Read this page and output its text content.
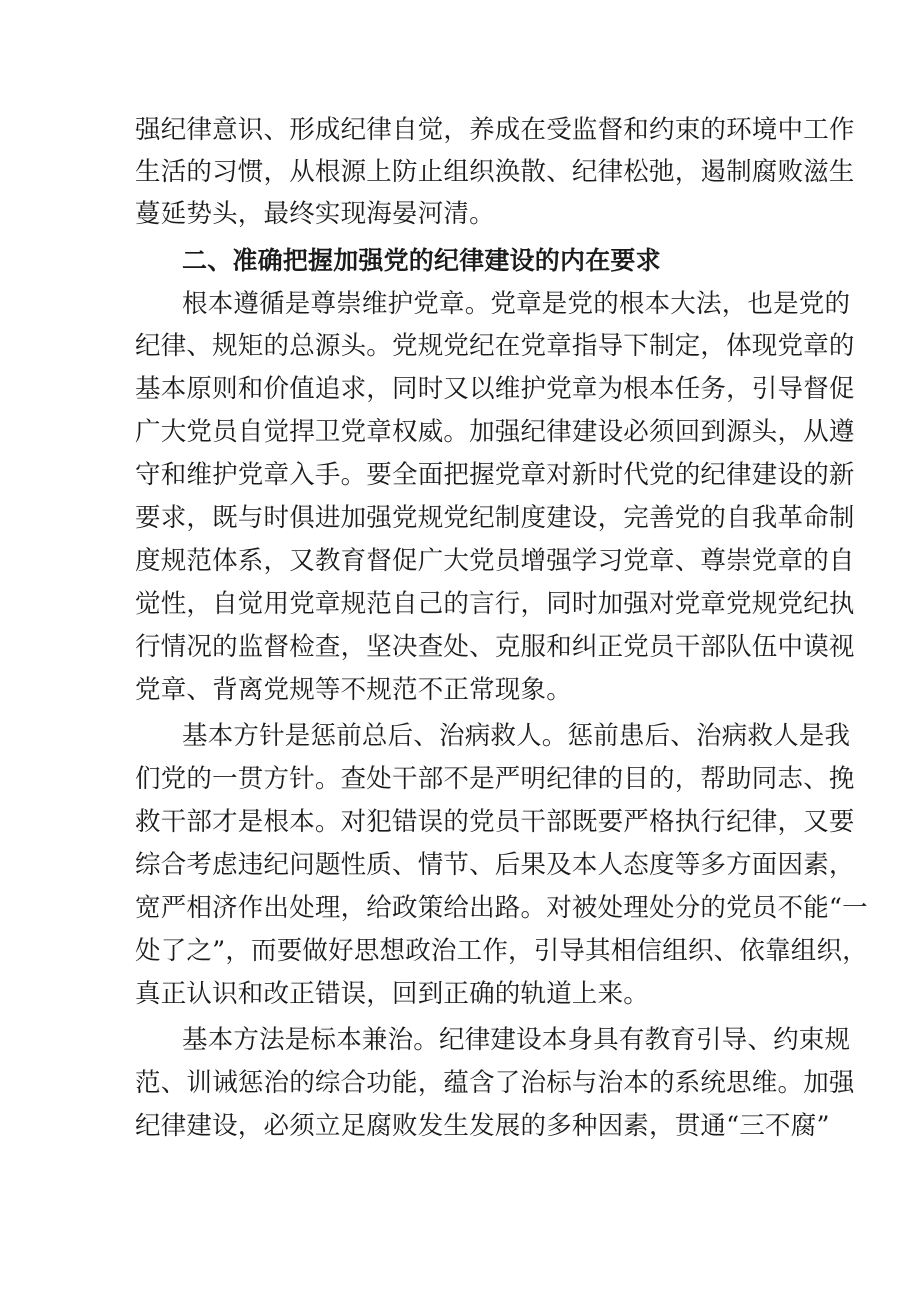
强纪律意识、形成纪律自觉，养成在受监督和约束的环境中工作
生活的习惯，从根源上防止组织涣散、纪律松弛，遏制腐败滋生
蔓延势头，最终实现海晏河清。
二、准确把握加强党的纪律建设的内在要求
根本遵循是尊崇维护党章。党章是党的根本大法，也是党的
纪律、规矩的总源头。党规党纪在党章指导下制定，体现党章的
基本原则和价值追求，同时又以维护党章为根本任务，引导督促
广大党员自觉捍卫党章权威。加强纪律建设必须回到源头，从遵
守和维护党章入手。要全面把握党章对新时代党的纪律建设的新
要求，既与时俱进加强党规党纪制度建设，完善党的自我革命制
度规范体系，又教育督促广大党员增强学习党章、尊崇党章的自
觉性，自觉用党章规范自己的言行，同时加强对党章党规党纪执
行情况的监督检查，坚决查处、克服和纠正党员干部队伍中谟视
党章、背离党规等不规范不正常现象。
基本方针是惩前总后、治病救人。惩前患后、治病救人是我
们党的一贯方针。查处干部不是严明纪律的目的，帮助同志、挽
救干部才是根本。对犯错误的党员干部既要严格执行纪律，又要
综合考虑违纪问题性质、情节、后果及本人态度等多方面因素，
宽严相济作出处理，给政策给出路。对被处理处分的党员不能“一
处了之”，而要做好思想政治工作，引导其相信组织、依靠组织，
真正认识和改正错误，回到正确的轨道上来。
基本方法是标本兼治。纪律建设本身具有教育引导、约束规
范、训诫惩治的综合功能，蕴含了治标与治本的系统思维。加强
纪律建设，必须立足腐败发生发展的多种因素，贯通“三不腐”
